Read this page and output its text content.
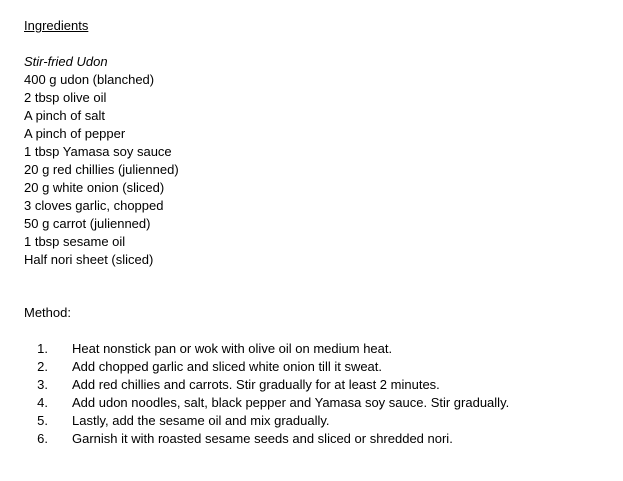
Ingredients
Stir-fried Udon
400 g udon (blanched)
2 tbsp olive oil
A pinch of salt
A pinch of pepper
1 tbsp Yamasa soy sauce
20 g red chillies (julienned)
20 g white onion (sliced)
3 cloves garlic, chopped
50 g carrot (julienned)
1 tbsp sesame oil
Half nori sheet (sliced)
Method:
1. Heat nonstick pan or wok with olive oil on medium heat.
2. Add chopped garlic and sliced white onion till it sweat.
3. Add red chillies and carrots. Stir gradually for at least 2 minutes.
4. Add udon noodles, salt, black pepper and Yamasa soy sauce. Stir gradually.
5. Lastly, add the sesame oil and mix gradually.
6. Garnish it with roasted sesame seeds and sliced or shredded nori.
